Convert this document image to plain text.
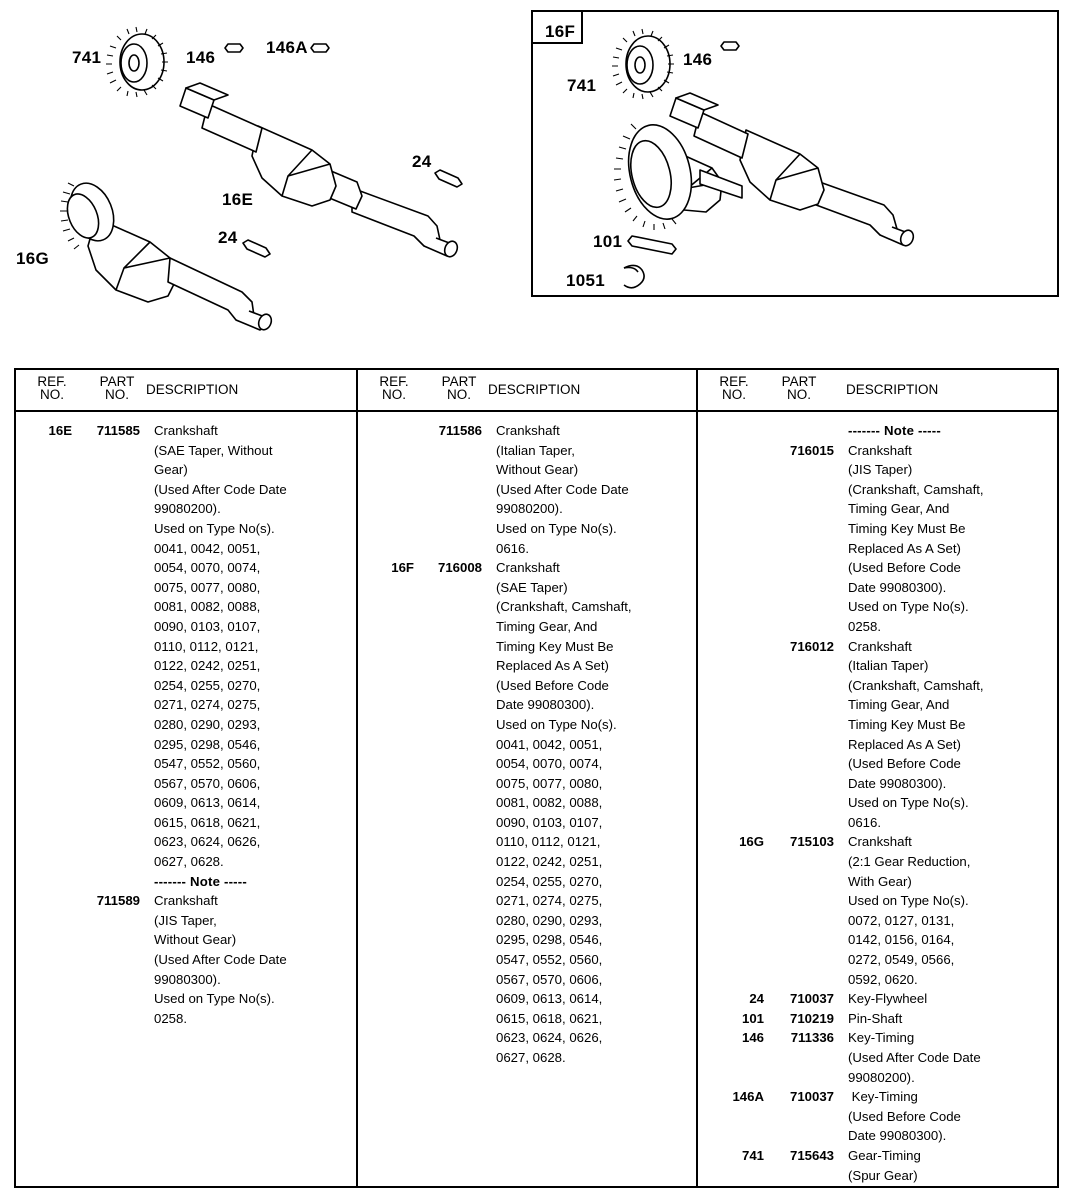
741	146
146A
24
16E
24
16G
16F
146
741
101
1051
REF.
NO.
PART
NO.	DESCRIPTION
16E	711585	Crankshaft
(SAE Taper, Without
Gear)
(Used After Code Date
99080200).
Used on Type No(s).
0041, 0042, 0051,
0054, 0070, 0074,
0075, 0077, 0080,
0081, 0082, 0088,
0090, 0103, 0107,
0110, 0112, 0121,
0122, 0242, 0251,
0254, 0255, 0270,
0271, 0274, 0275,
0280, 0290, 0293,
0295, 0298, 0546,
0547, 0552, 0560,
0567, 0570, 0606,
0609, 0613, 0614,
0615, 0618, 0621,
0623, 0624, 0626,
0627, 0628.
------- Note -----
711589	Crankshaft
(JIS Taper,
Without Gear)
(Used After Code Date
99080300).
Used on Type No(s).
0258.
REF.
NO.
PART
NO.	DESCRIPTION
711586	Crankshaft
(Italian Taper,
Without Gear)
(Used After Code Date
99080200).
Used on Type No(s).
0616.
16F	716008	Crankshaft
(SAE Taper)
(Crankshaft, Camshaft,
Timing Gear, And
Timing Key Must Be
Replaced As A Set)
(Used Before Code
Date 99080300).
Used on Type No(s).
0041, 0042, 0051,
0054, 0070, 0074,
0075, 0077, 0080,
0081, 0082, 0088,
0090, 0103, 0107,
0110, 0112, 0121,
0122, 0242, 0251,
0254, 0255, 0270,
0271, 0274, 0275,
0280, 0290, 0293,
0295, 0298, 0546,
0547, 0552, 0560,
0567, 0570, 0606,
0609, 0613, 0614,
0615, 0618, 0621,
0623, 0624, 0626,
0627, 0628.
REF.
NO.
PART
NO.	DESCRIPTION
------- Note -----
716015	Crankshaft
(JIS Taper)
(Crankshaft, Camshaft,
Timing Gear, And
Timing Key Must Be
Replaced As A Set)
(Used Before Code
Date 99080300).
Used on Type No(s).
0258.
716012	Crankshaft
(Italian Taper)
(Crankshaft, Camshaft,
Timing Gear, And
Timing Key Must Be
Replaced As A Set)
(Used Before Code
Date 99080300).
Used on Type No(s).
0616.
16G	715103	Crankshaft
(2:1 Gear Reduction,
With Gear)
Used on Type No(s).
0072, 0127, 0131,
0142, 0156, 0164,
0272, 0549, 0566,
0592, 0620.
24	710037	Key-Flywheel
101	710219	Pin-Shaft
146	711336	Key-Timing
(Used After Code Date
99080200).
146A	710037	Key-Timing
(Used Before Code
Date 99080300).
741	715643	Gear-Timing
(Spur Gear)
